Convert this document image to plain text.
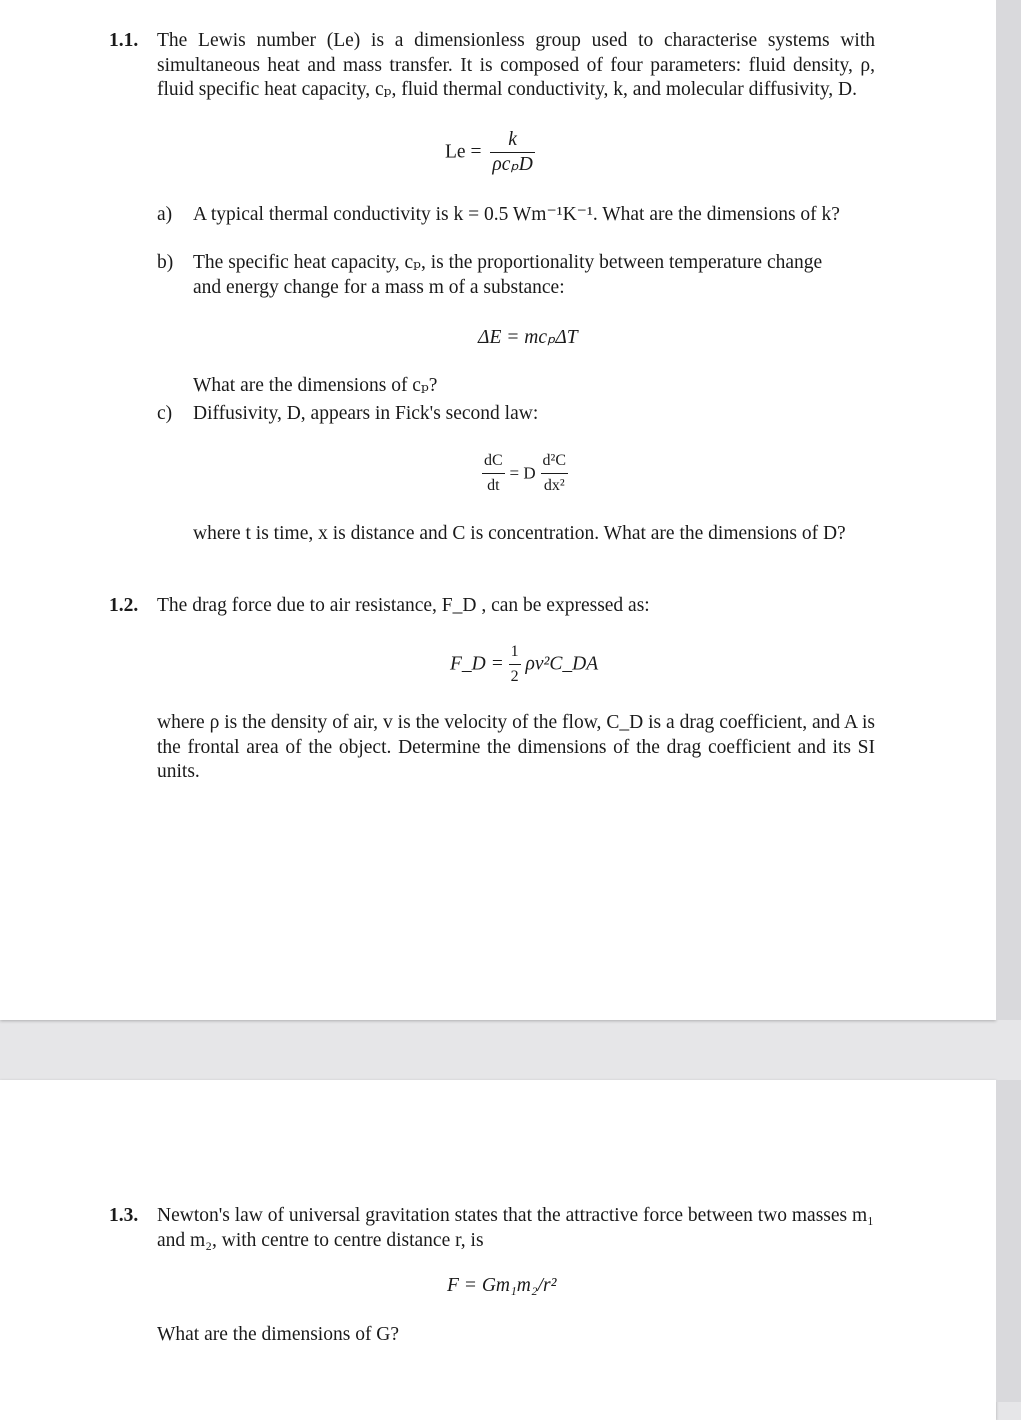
1.1. The Lewis number (Le) is a dimensionless group used to characterise systems with simultaneous heat and mass transfer. It is composed of four parameters: fluid density, ρ, fluid specific heat capacity, cₚ, fluid thermal conductivity, k, and molecular diffusivity, D.
$Le = \frac{k}{\text{ρcₚD}}$
a) A typical thermal conductivity is k = 0.5 Wm⁻¹K⁻¹. What are the dimensions of k?
b) The specific heat capacity, cₚ, is the proportionality between temperature change and energy change for a mass m of a substance:
ΔE = mcₚΔT
What are the dimensions of cₚ?
c) Diffusivity, D, appears in Fick's second law:
$\frac{dC}{dt} = D \frac{\text{d²C}}{\text{dx²}}$
where t is time, x is distance and C is concentration. What are the dimensions of D?
1.2. The drag force due to air resistance, F_D , can be expressed as:
F_D = $\frac{1}{2}$ ρv²C_DA
where ρ is the density of air, v is the velocity of the flow, C_D is a drag coefficient, and A is the frontal area of the object. Determine the dimensions of the drag coefficient and its SI units.
1.3. Newton's law of universal gravitation states that the attractive force between two masses m₁ and m₂, with centre to centre distance r, is
F = Gm₁m₂/r²
What are the dimensions of G?
